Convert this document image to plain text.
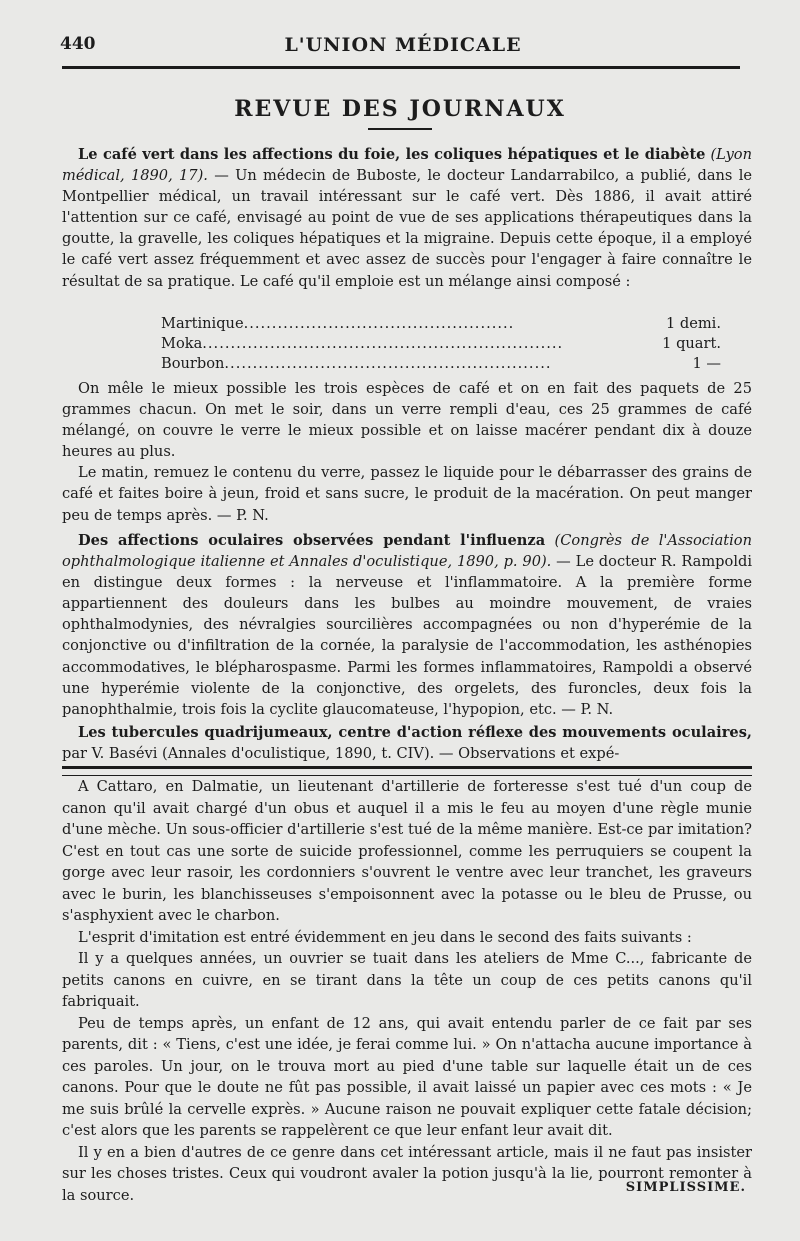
440	L'UNION MÉDICALE
REVUE DES JOURNAUX

Le café vert dans les affections du foie, les coliques hépatiques et le diabète (Lyon médical, 1890, 17). — Un médecin de Buboste, le docteur Landarrabilco, a publié, dans le Montpellier médical, un travail intéressant sur le café vert. Dès 1886, il avait attiré l'attention sur ce café, envisagé au point de vue de ses applications thérapeutiques dans la goutte, la gravelle, les coliques hépatiques et la migraine. Depuis cette époque, il a employé le café vert assez fréquemment et avec assez de succès pour l'engager à faire connaître le résultat de sa pratique. Le café qu'il emploie est un mélange ainsi composé :

Martinique ................................................	1 demi.
Moka ................................................................	1 quart.
Bourbon ..........................................................	1 —

On mêle le mieux possible les trois espèces de café et on en fait des paquets de 25 grammes chacun. On met le soir, dans un verre rempli d'eau, ces 25 grammes de café mélangé, on couvre le verre le mieux possible et on laisse macérer pendant dix à douze heures au plus.

Le matin, remuez le contenu du verre, passez le liquide pour le débarrasser des grains de café et faites boire à jeun, froid et sans sucre, le produit de la macération. On peut manger peu de temps après. — P. N.

Des affections oculaires observées pendant l'influenza (Congrès de l'Association ophthalmologique italienne et Annales d'oculistique, 1890, p. 90). — Le docteur R. Rampoldi en distingue deux formes : la nerveuse et l'inflammatoire. A la première forme appartiennent des douleurs dans les bulbes au moindre mouvement, de vraies ophthalmodynies, des névralgies sourcilières accompagnées ou non d'hyperémie de la conjonctive ou d'infiltration de la cornée, la paralysie de l'accommodation, les asthénopies accommodatives, le blépharospasme. Parmi les formes inflammatoires, Rampoldi a observé une hyperémie violente de la conjonctive, des orgelets, des furoncles, deux fois la panophthalmie, trois fois la cyclite glaucomateuse, l'hypopion, etc. — P. N.

Les tubercules quadrijumeaux, centre d'action réflexe des mouvements oculaires, par V. Basévi (Annales d'oculistique, 1890, t. CIV). — Observations et expé-

A Cattaro, en Dalmatie, un lieutenant d'artillerie de forteresse s'est tué d'un coup de canon qu'il avait chargé d'un obus et auquel il a mis le feu au moyen d'une règle munie d'une mèche. Un sous-officier d'artillerie s'est tué de la même manière. Est-ce par imitation? C'est en tout cas une sorte de suicide professionnel, comme les perruquiers se coupent la gorge avec leur rasoir, les cordonniers s'ouvrent le ventre avec leur tranchet, les graveurs avec le burin, les blanchisseuses s'empoisonnent avec la potasse ou le bleu de Prusse, ou s'asphyxient avec le charbon.

L'esprit d'imitation est entré évidemment en jeu dans le second des faits suivants :

Il y a quelques années, un ouvrier se tuait dans les ateliers de Mme C..., fabricante de petits canons en cuivre, en se tirant dans la tête un coup de ces petits canons qu'il fabriquait.

Peu de temps après, un enfant de 12 ans, qui avait entendu parler de ce fait par ses parents, dit : « Tiens, c'est une idée, je ferai comme lui. » On n'attacha aucune importance à ces paroles. Un jour, on le trouva mort au pied d'une table sur laquelle était un de ces canons. Pour que le doute ne fût pas possible, il avait laissé un papier avec ces mots : « Je me suis brûlé la cervelle exprès. » Aucune raison ne pouvait expliquer cette fatale décision; c'est alors que les parents se rappelèrent ce que leur enfant leur avait dit.

Il y en a bien d'autres de ce genre dans cet intéressant article, mais il ne faut pas insister sur les choses tristes. Ceux qui voudront avaler la potion jusqu'à la lie, pourront remonter à la source.	SIMPLISSIME.
